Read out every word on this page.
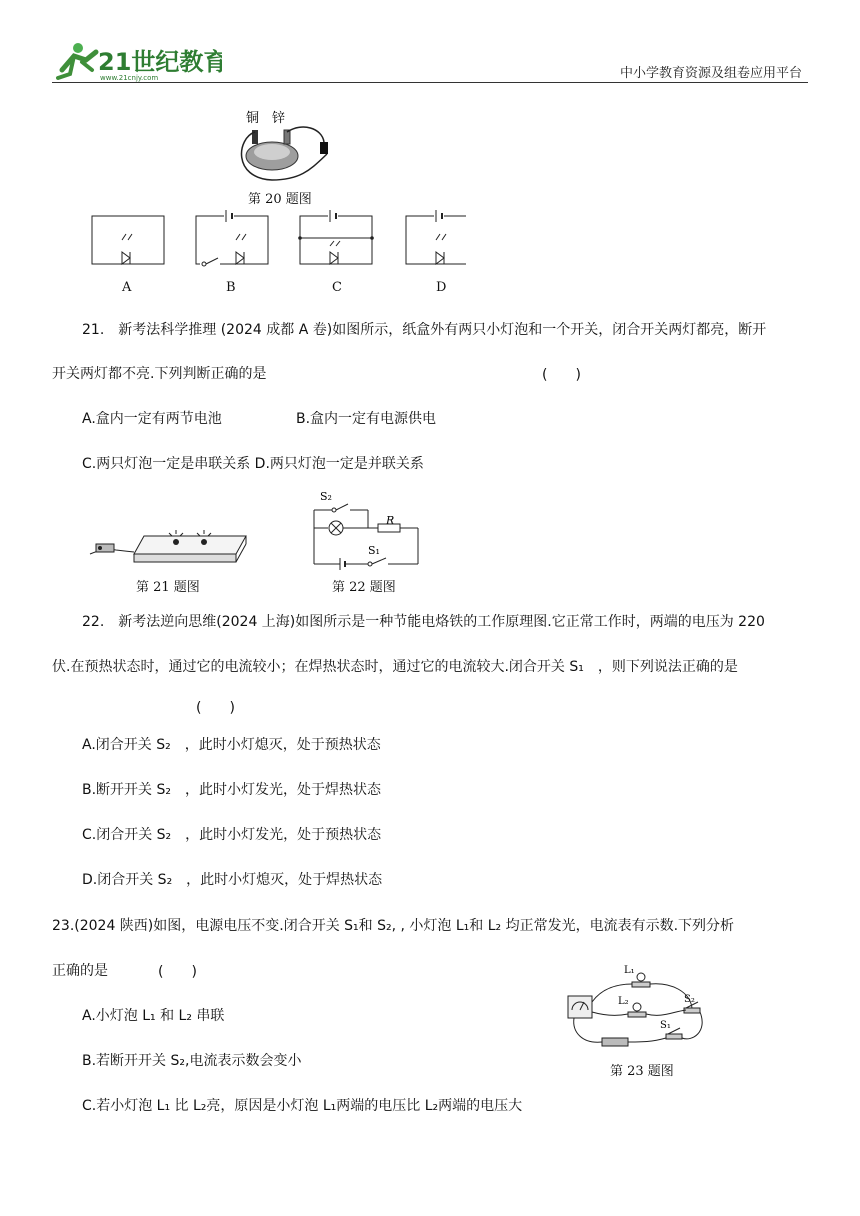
21世纪教育
www.21cnjy.com	中小学教育资源及组卷应用平台
铜 锌
第 20 题图
A	B	C	D
21.　新考法科学推理 (2024 成都 A 卷)如图所示，纸盒外有两只小灯泡和一个开关，闭合开关两灯都亮，断开
开关两灯都不亮.下列判断正确的是	(　　)
A.盒内一定有两节电池	B.盒内一定有电源供电
C.两只灯泡一定是串联关系 D.两只灯泡一定是并联关系
第 21 题图
S₂
R
S₁
第 22 题图
22.　新考法逆向思维(2024 上海)如图所示是一种节能电烙铁的工作原理图.它正常工作时，两端的电压为 220
伏.在预热状态时，通过它的电流较小；在焊热状态时，通过它的电流较大.闭合开关 S₁　，则下列说法正确的是
(　　)
A.闭合开关 S₂　，此时小灯熄灭，处于预热状态
B.断开开关 S₂　，此时小灯发光，处于焊热状态
C.闭合开关 S₂　，此时小灯发光，处于预热状态
D.闭合开关 S₂　，此时小灯熄灭，处于焊热状态
23.(2024 陕西)如图，电源电压不变.闭合开关 S₁和 S₂, , 小灯泡 L₁和 L₂ 均正常发光，电流表有示数.下列分析
正确的是	(　　)
A.小灯泡 L₁ 和 L₂ 串联
B.若断开开关 S₂,电流表示数会变小
C.若小灯泡 L₁ 比 L₂亮，原因是小灯泡 L₁两端的电压比 L₂两端的电压大
L₁
L₂	S₂
S₁
第 23 题图
